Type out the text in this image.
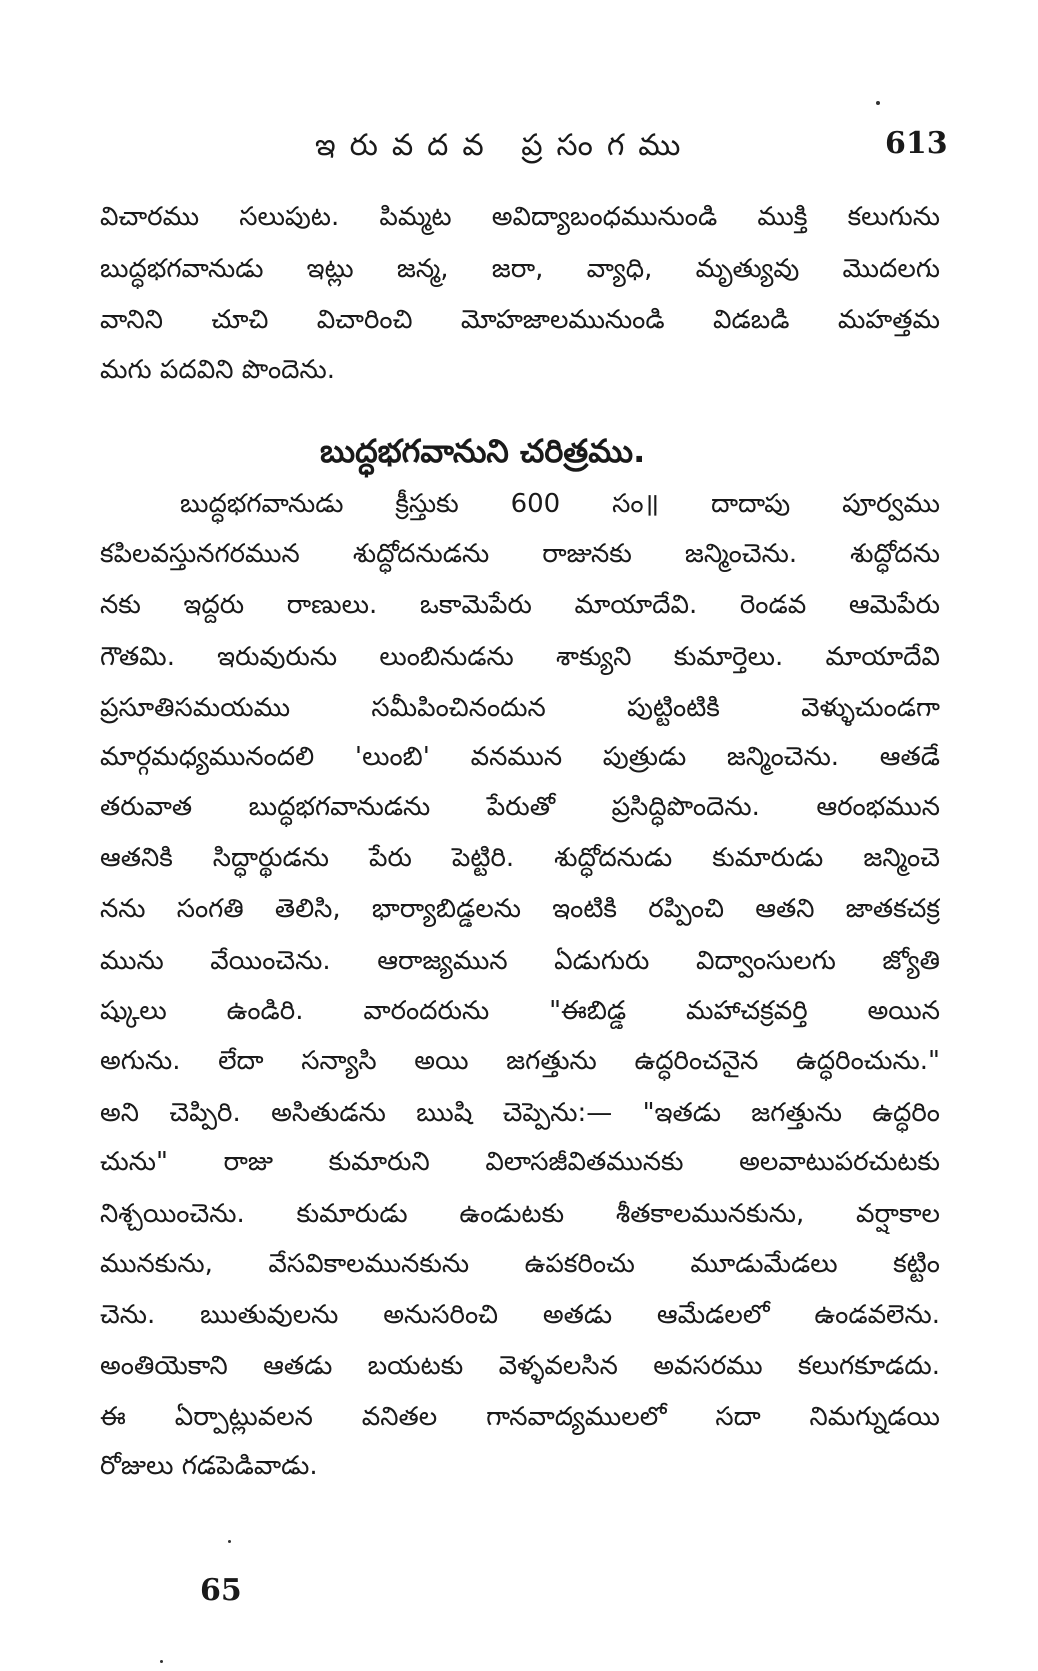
ఇరువదవ ప్రసంగము	613
విచారము సలుపుట. పిమ్మట అవిద్యాబంధమునుండి ముక్తి కలుగును
బుద్ధభగవానుడు ఇట్లు జన్మ, జరా, వ్యాధి, మృత్యువు మొదలగు
వానిని చూచి విచారించి మోహజాలమునుండి విడబడి మహత్తమ
మగు పదవిని పొందెను.
బుద్ధభగవానుని చరిత్రము.
బుద్ధభగవానుడు క్రీస్తుకు 600 సం॥ దాదాపు పూర్వము
కపిలవస్తునగరమున శుద్ధోదనుడను రాజునకు జన్మించెను. శుద్ధోదను
నకు ఇద్దరు రాణులు. ఒకామెపేరు మాయాదేవి. రెండవ ఆమెపేరు
గౌతమి. ఇరువురును లుంబినుడను శాక్యుని కుమార్తెలు. మాయాదేవి
ప్రసూతిసమయము సమీపించినందున పుట్టింటికి వెళ్ళుచుండగా
మార్గమధ్యమునందలి 'లుంబి' వనమున పుత్రుడు జన్మించెను. ఆతడే
తరువాత బుద్ధభగవానుడను పేరుతో ప్రసిద్ధిపొందెను. ఆరంభమున
ఆతనికి సిద్ధార్థుడను పేరు పెట్టిరి. శుద్ధోదనుడు కుమారుడు జన్మించె
నను సంగతి తెలిసి, భార్యాబిడ్డలను ఇంటికి రప్పించి ఆతని జాతకచక్ర
మును వేయించెను. ఆరాజ్యమున ఏడుగురు విద్వాంసులగు జ్యోతి
ష్కులు ఉండిరి. వారందరును "ఈబిడ్డ మహాచక్రవర్తి అయిన
అగును. లేదా సన్యాసి అయి జగత్తును ఉద్ధరించనైన ఉద్ధరించును."
అని చెప్పిరి. అసితుడను ఋషి చెప్పెను:— "ఇతడు జగత్తును ఉద్ధరిం
చును" రాజు కుమారుని విలాసజీవితమునకు అలవాటుపరచుటకు
నిశ్చయించెను. కుమారుడు ఉండుటకు శీతకాలమునకును, వర్షాకాల
మునకును, వేసవికాలమునకును ఉపకరించు మూడుమేడలు కట్టిం
చెను. ఋతువులను అనుసరించి అతడు ఆమేడలలో ఉండవలెను.
అంతియెకాని ఆతడు బయటకు వెళ్ళవలసిన అవసరము కలుగకూడదు.
ఈ ఏర్పాట్లువలన వనితల గానవాద్యములలో సదా నిమగ్నుడయి
రోజులు గడపెడివాడు.
65
